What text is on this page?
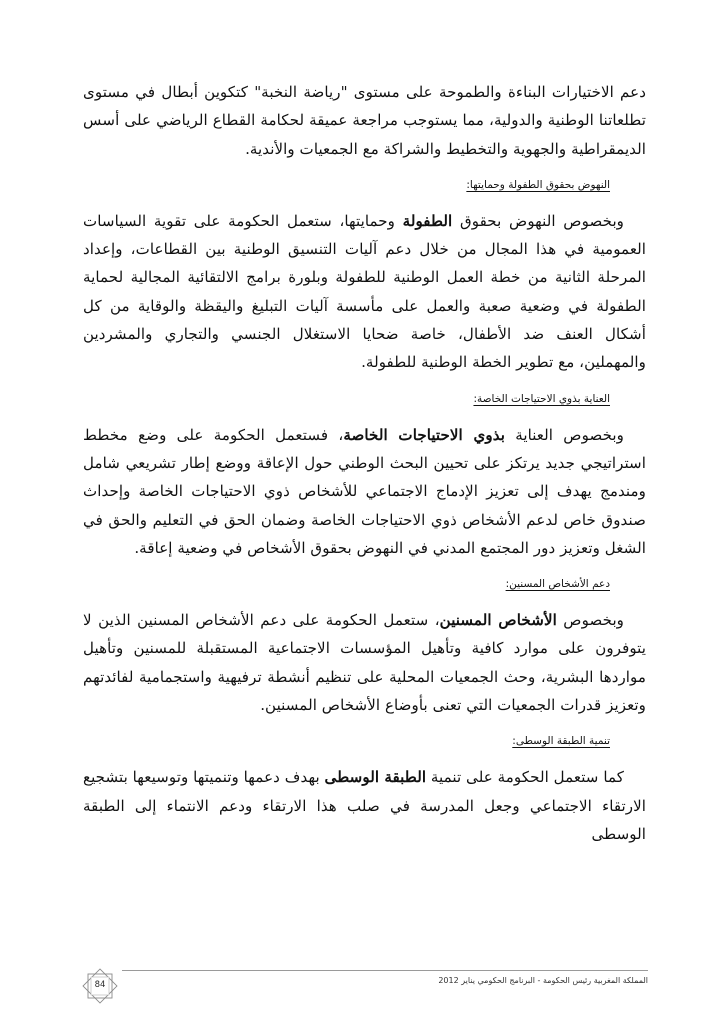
دعم الاختيارات البناءة والطموحة على مستوى "رياضة النخبة" كتكوين أبطال في مستوى تطلعاتنا الوطنية والدولية، مما يستوجب مراجعة عميقة لحكامة القطاع الرياضي على أسس الديمقراطية والجهوية والتخطيط والشراكة مع الجمعيات والأندية.

النهوض بحقوق الطفولة وحمايتها:

وبخصوص النهوض بحقوق الطفولة وحمايتها، ستعمل الحكومة على تقوية السياسات العمومية في هذا المجال من خلال دعم آليات التنسيق الوطنية بين القطاعات، وإعداد المرحلة الثانية من خطة العمل الوطنية للطفولة وبلورة برامج الالتقائية المجالية لحماية الطفولة في وضعية صعبة والعمل على مأسسة آليات التبليغ واليقظة والوقاية من كل أشكال العنف ضد الأطفال، خاصة ضحايا الاستغلال الجنسي والتجاري والمشردين والمهملين، مع تطوير الخطة الوطنية للطفولة.

العناية بذوي الاحتياجات الخاصة:

وبخصوص العناية بذوي الاحتياجات الخاصة، فستعمل الحكومة على وضع مخطط استراتيجي جديد يرتكز على تحيين البحث الوطني حول الإعاقة ووضع إطار تشريعي شامل ومندمج يهدف إلى تعزيز الإدماج الاجتماعي للأشخاص ذوي الاحتياجات الخاصة وإحداث صندوق خاص لدعم الأشخاص ذوي الاحتياجات الخاصة وضمان الحق في التعليم والحق في الشغل وتعزيز دور المجتمع المدني في النهوض بحقوق الأشخاص في وضعية إعاقة.

دعم الأشخاص المسنين:

وبخصوص الأشخاص المسنين، ستعمل الحكومة على دعم الأشخاص المسنين الذين لا يتوفرون على موارد كافية وتأهيل المؤسسات الاجتماعية المستقبلة للمسنين وتأهيل مواردها البشرية، وحث الجمعيات المحلية على تنظيم أنشطة ترفيهية واستجمامية لفائدتهم وتعزيز قدرات الجمعيات التي تعنى بأوضاع الأشخاص المسنين.

تنمية الطبقة الوسطى:

كما ستعمل الحكومة على تنمية الطبقة الوسطى بهدف دعمها وتنميتها وتوسيعها بتشجيع الارتقاء الاجتماعي وجعل المدرسة في صلب هذا الارتقاء ودعم الانتماء إلى الطبقة الوسطى

المملكة المغربية رئيس الحكومة - البرنامج الحكومي يناير 2012
84
